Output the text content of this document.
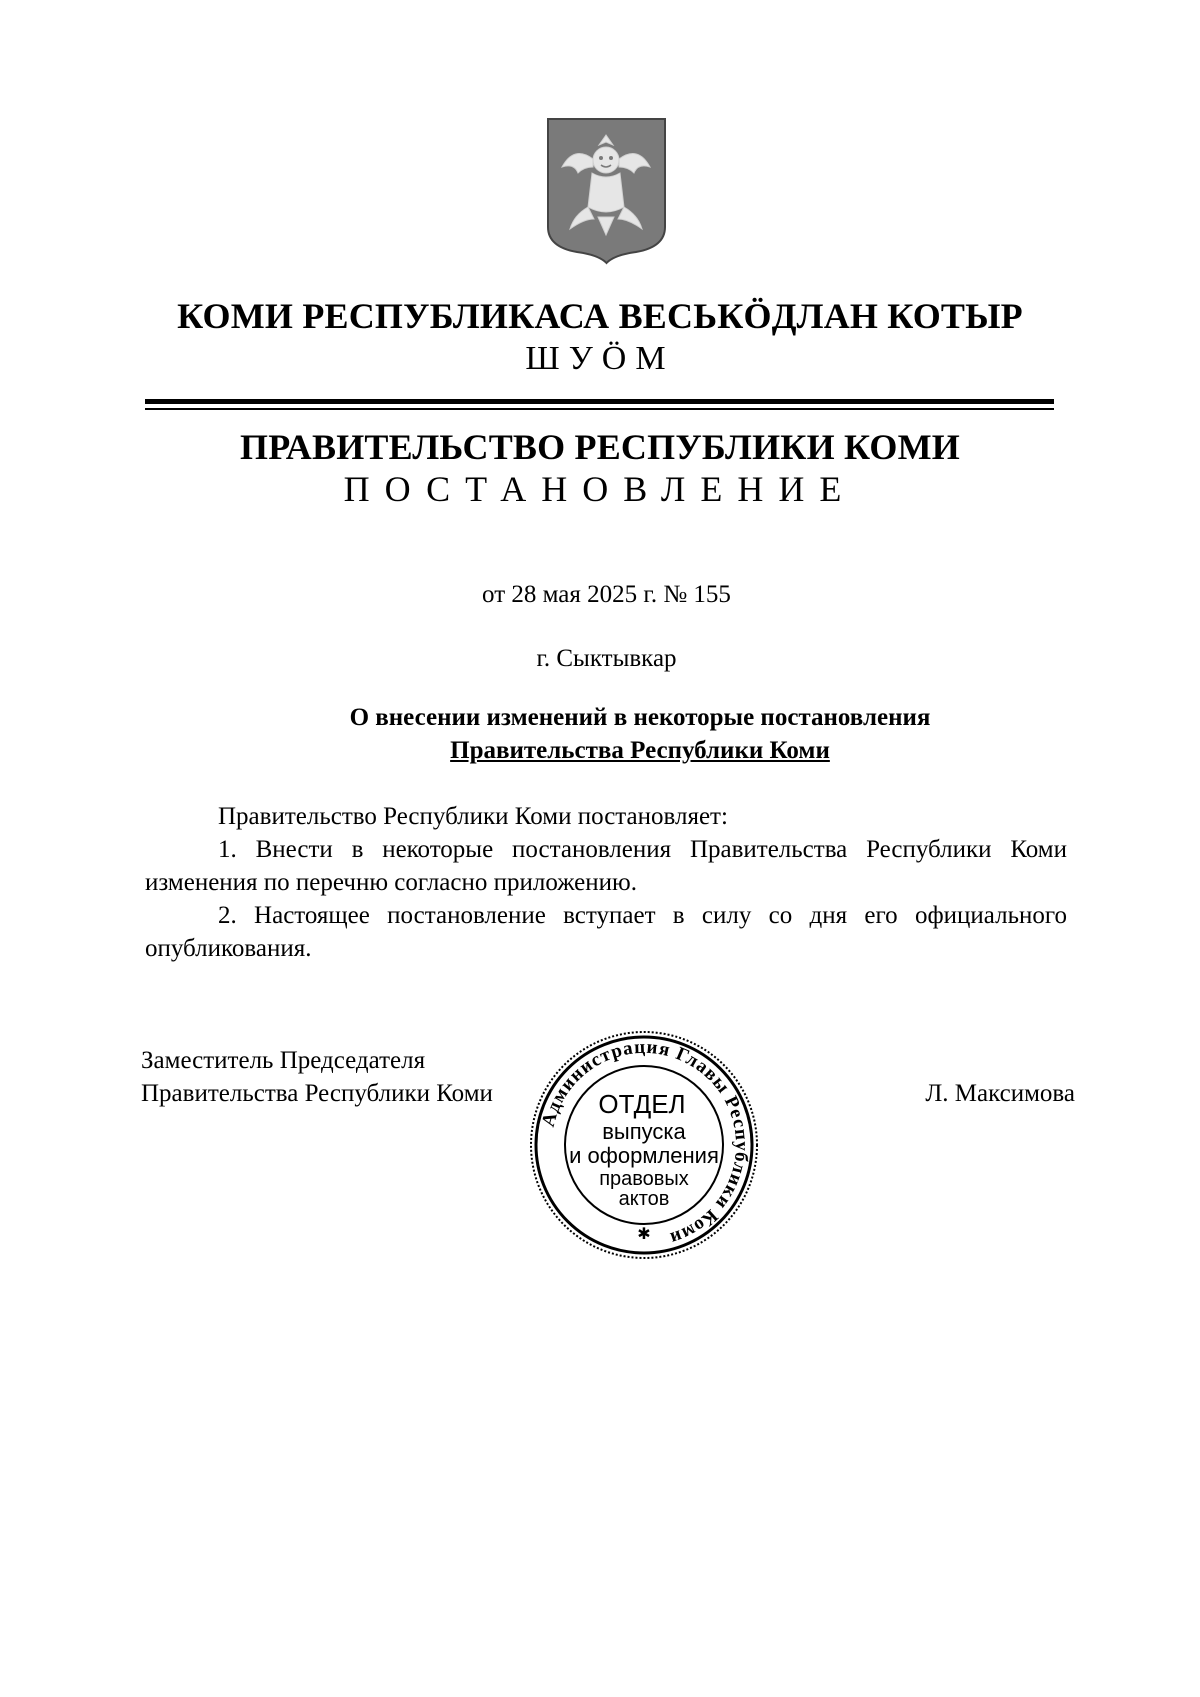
КОМИ РЕСПУБЛИКАСА ВЕСЬКӦДЛАН КОТЫР
ШУӦМ
ПРАВИТЕЛЬСТВО РЕСПУБЛИКИ КОМИ
ПОСТАНОВЛЕНИЕ
от 28 мая 2025 г. № 155
г. Сыктывкар
О внесении изменений в некоторые постановления
Правительства Республики Коми

Правительство Республики Коми постановляет:

1. Внести в некоторые постановления Правительства Республики Коми изменения по перечню согласно приложению.

2. Настоящее постановление вступает в силу со дня его официального опубликования.

Заместитель Председателя
Правительства Республики Коми	Л. Максимова
Администрация Главы Республики Коми
ОТДЕЛ
выпуска
и оформления
правовых
актов
✱
